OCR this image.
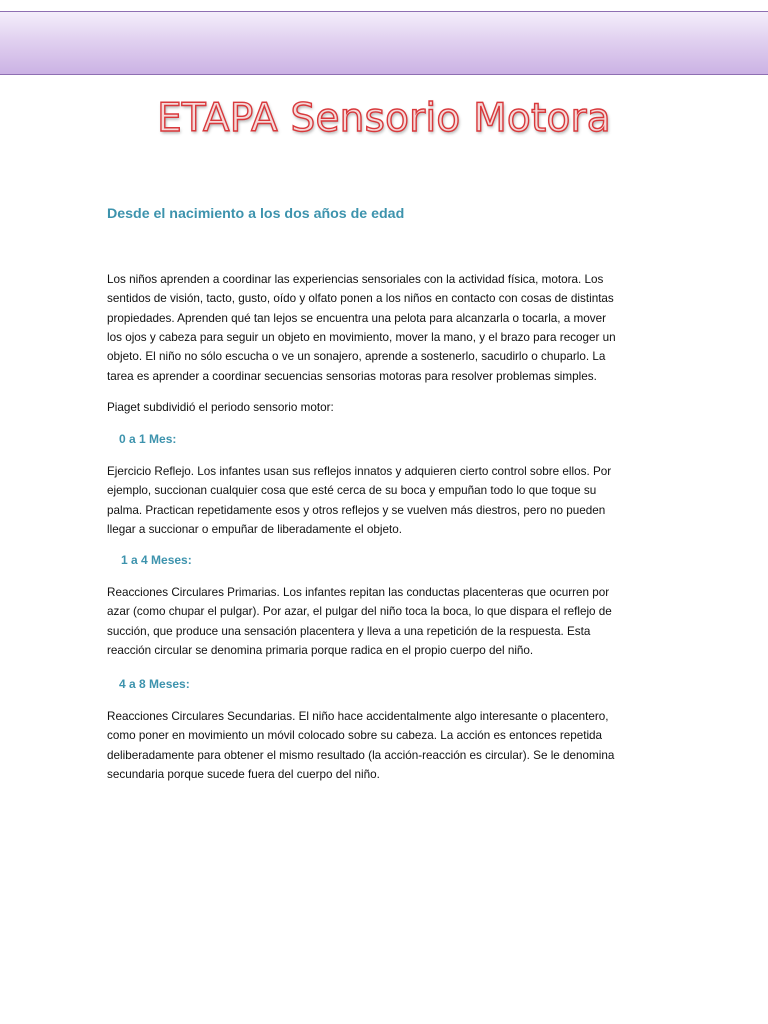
ETAPA Sensorio Motora
Desde el nacimiento a los dos años de edad

Los niños aprenden a coordinar las experiencias sensoriales con la actividad física, motora. Los
sentidos de visión, tacto, gusto, oído y olfato ponen a los niños en contacto con cosas de distintas
propiedades. Aprenden qué tan lejos se encuentra una pelota para alcanzarla o tocarla, a mover
los ojos y cabeza para seguir un objeto en movimiento, mover la mano, y el brazo para recoger un
objeto. El niño no sólo escucha o ve un sonajero, aprende a sostenerlo, sacudirlo o chuparlo. La
tarea es aprender a coordinar secuencias sensorias motoras para resolver problemas simples.

Piaget subdividió el periodo sensorio motor:

0 a 1 Mes:

Ejercicio Reflejo. Los infantes usan sus reflejos innatos y adquieren cierto control sobre ellos. Por
ejemplo, succionan cualquier cosa que esté cerca de su boca y empuñan todo lo que toque su
palma. Practican repetidamente esos y otros reflejos y se vuelven más diestros, pero no pueden
llegar a succionar o empuñar de liberadamente el objeto.

1 a 4 Meses:

Reacciones Circulares Primarias. Los infantes repitan las conductas placenteras que ocurren por
azar (como chupar el pulgar). Por azar, el pulgar del niño toca la boca, lo que dispara el reflejo de
succión, que produce una sensación placentera y lleva a una repetición de la respuesta. Esta
reacción circular se denomina primaria porque radica en el propio cuerpo del niño.

4 a 8 Meses:

Reacciones Circulares Secundarias. El niño hace accidentalmente algo interesante o placentero,
como poner en movimiento un móvil colocado sobre su cabeza. La acción es entonces repetida
deliberadamente para obtener el mismo resultado (la acción-reacción es circular). Se le denomina
secundaria porque sucede fuera del cuerpo del niño.
